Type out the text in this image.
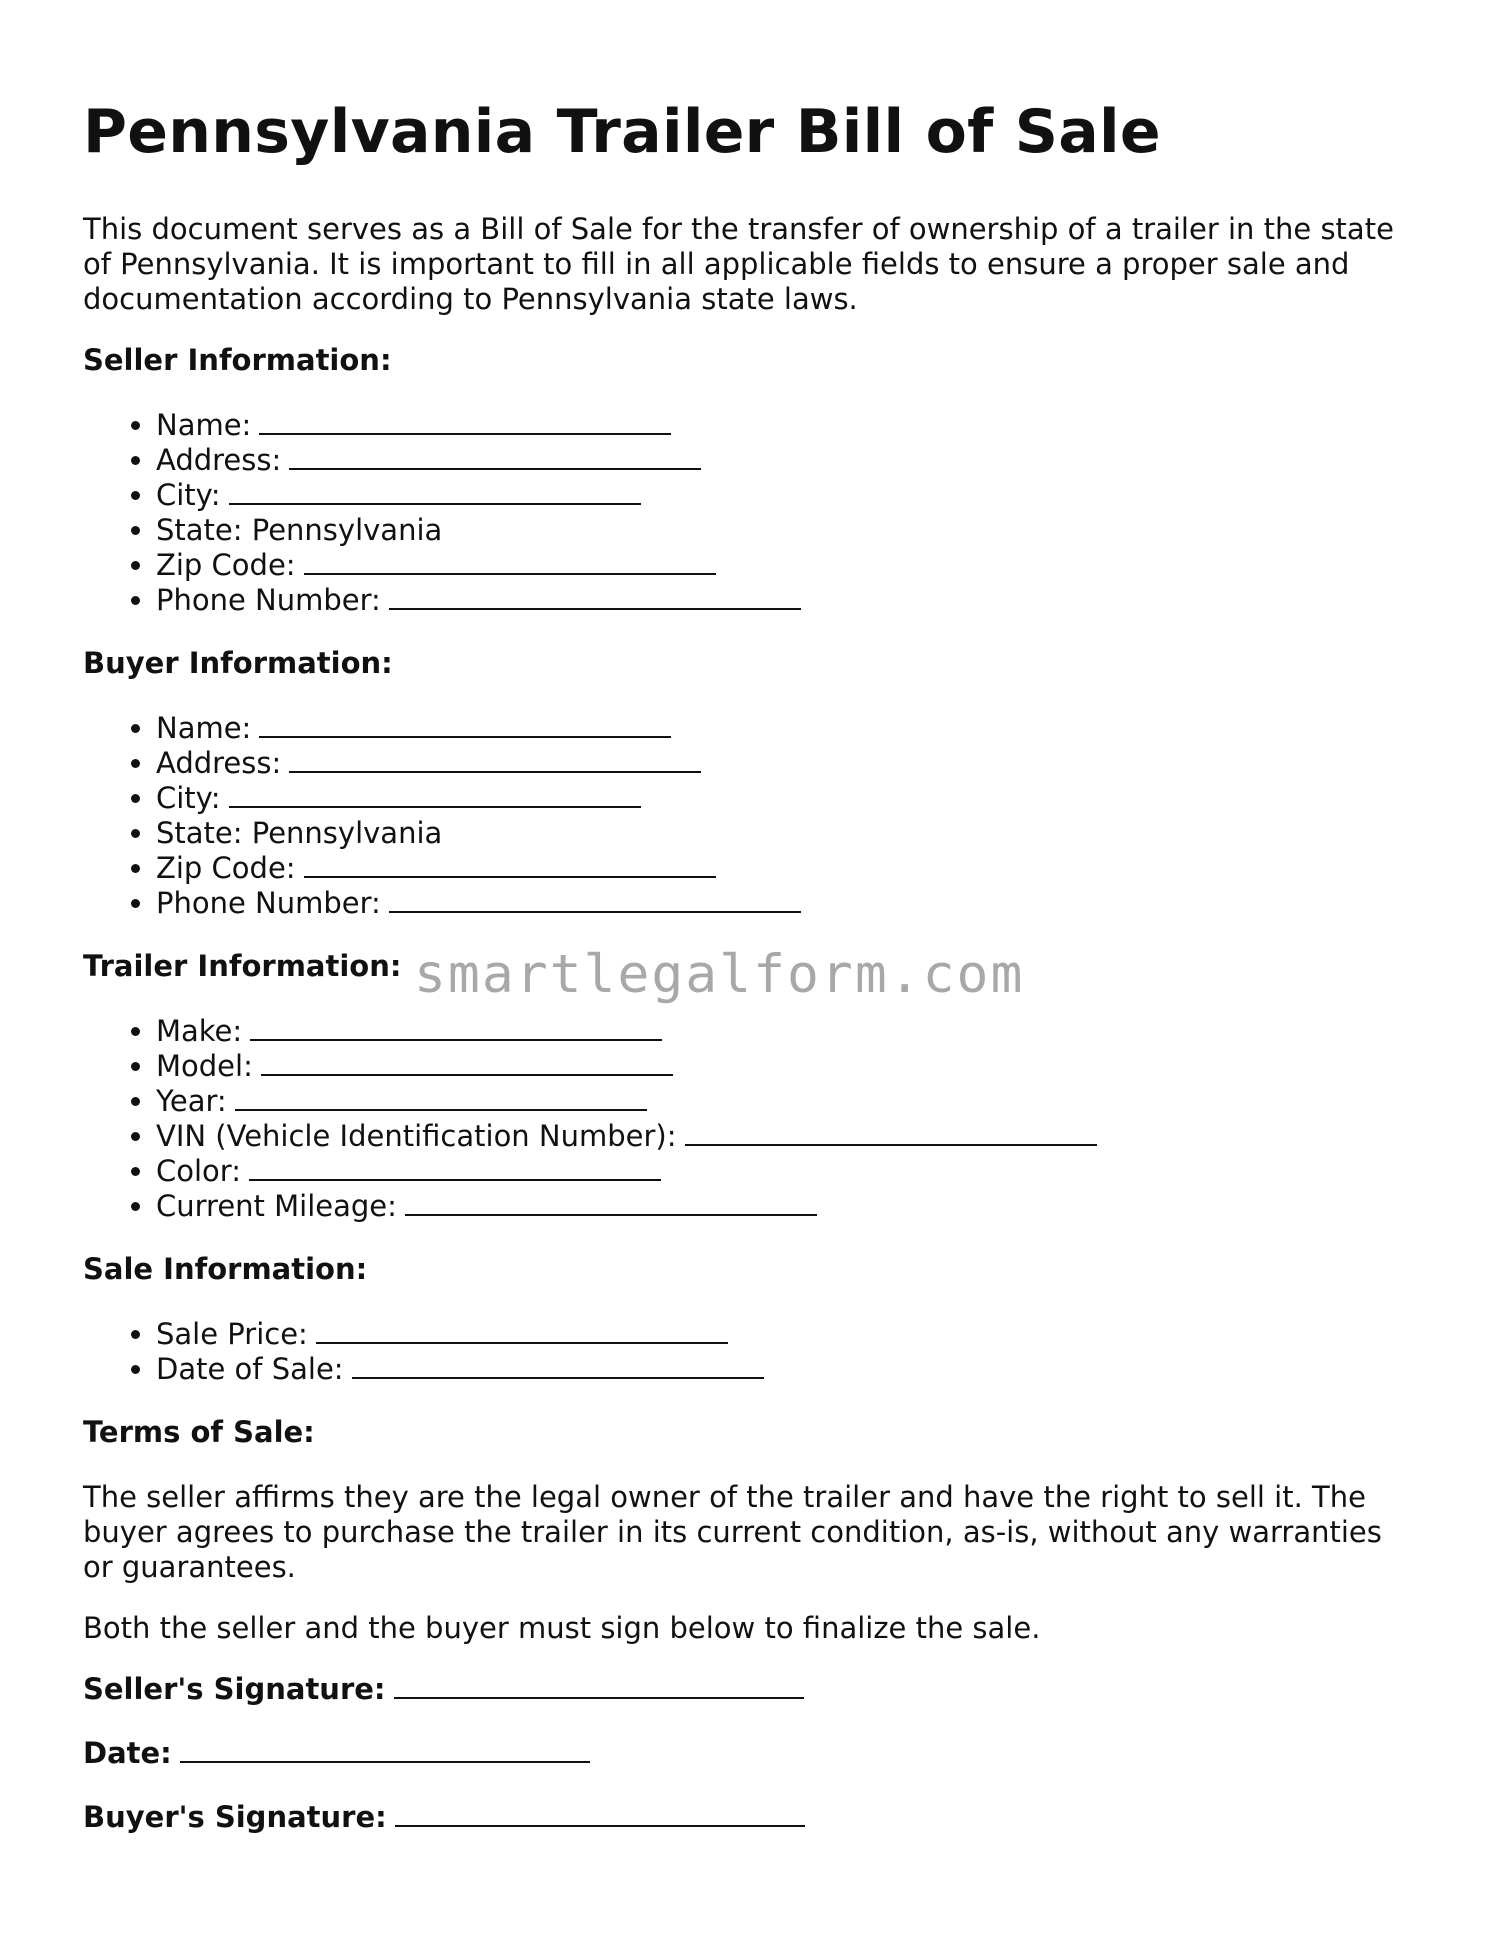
Pennsylvania Trailer Bill of Sale

This document serves as a Bill of Sale for the transfer of ownership of a trailer in the state of Pennsylvania. It is important to fill in all applicable fields to ensure a proper sale and documentation according to Pennsylvania state laws.

Seller Information:
• Name:
• Address:
• City:
• State: Pennsylvania
• Zip Code:
• Phone Number:
Buyer Information:
• Name:
• Address:
• City:
• State: Pennsylvania
• Zip Code:
• Phone Number:
Trailer Information:
• Make:
• Model:
• Year:
• VIN (Vehicle Identification Number):
• Color:
• Current Mileage:
Sale Information:
• Sale Price:
• Date of Sale:
Terms of Sale:

The seller affirms they are the legal owner of the trailer and have the right to sell it. The buyer agrees to purchase the trailer in its current condition, as-is, without any warranties or guarantees.

Both the seller and the buyer must sign below to finalize the sale.

Seller's Signature:
Date:
Buyer's Signature:
smartlegalform.com
